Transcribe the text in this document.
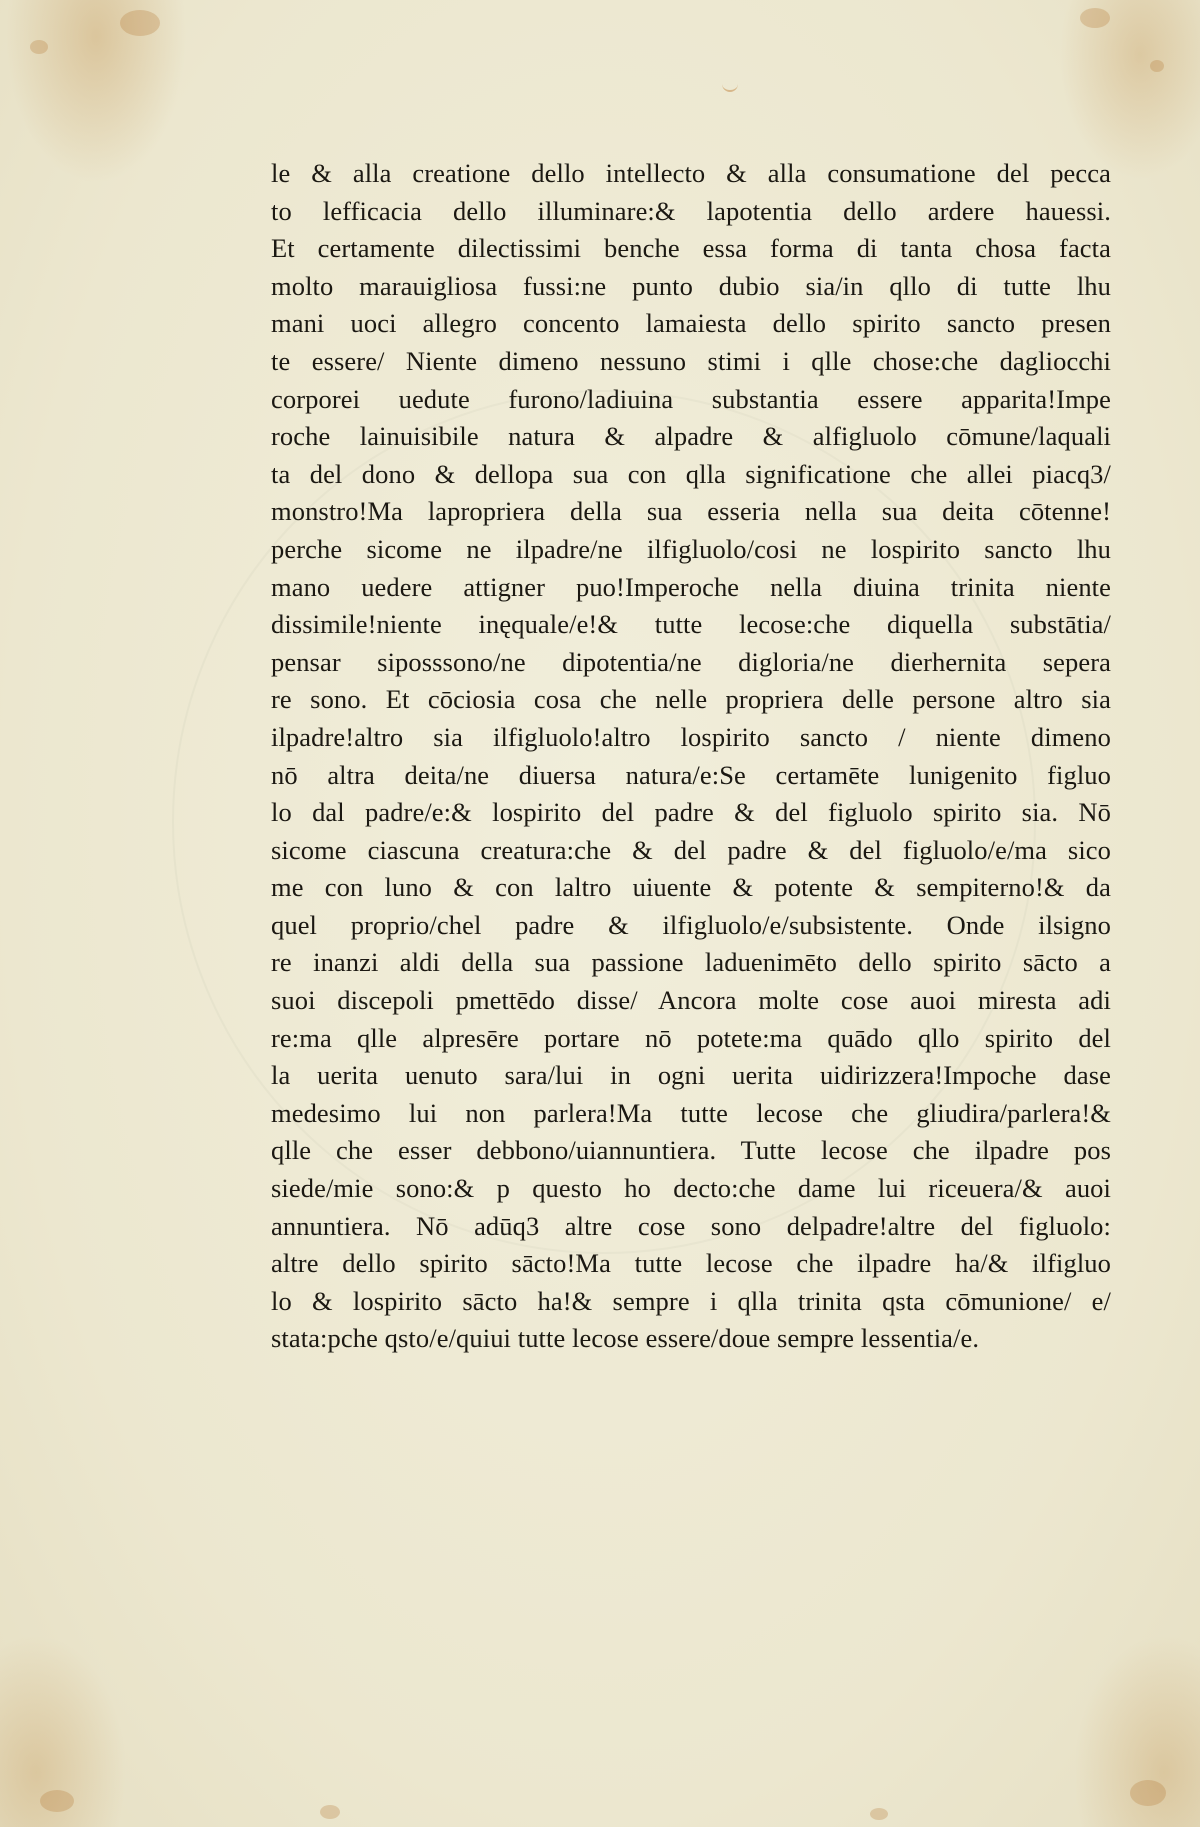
le & alla creatione dello intellecto & alla consumatione del pecca
to lefficacia dello illuminare:& lapotentia dello ardere hauessi.
Et certamente dilectissimi benche essa forma di tanta chosa facta
molto marauigliosa fussi:ne punto dubio sia/in qllo di tutte lhu
mani uoci allegro concento lamaiesta dello spirito sancto presen
te essere/ Niente dimeno nessuno stimi i qlle chose:che dagliocchi
corporei uedute furono/ladiuina substantia essere apparita!Impe
roche lainuisibile natura & alpadre & alfigluolo cōmune/laquali
ta del dono & dellopa sua con qlla significatione che allei piacq3/
monstro!Ma lapropriera della sua esseria nella sua deita cōtenne!
perche sicome ne ilpadre/ne ilfigluolo/cosi ne lospirito sancto lhu
mano uedere attigner puo!Imperoche nella diuina trinita niente
dissimile!niente inęquale/e!& tutte lecose:che diquella substātia/
pensar siposssono/ne dipotentia/ne digloria/ne dierhernita sepera
re sono. Et cōciosia cosa che nelle propriera delle persone altro sia
ilpadre!altro sia ilfigluolo!altro lospirito sancto / niente dimeno
nō altra deita/ne diuersa natura/e:Se certamēte lunigenito figluo
lo dal padre/e:& lospirito del padre & del figluolo spirito sia. Nō
sicome ciascuna creatura:che & del padre & del figluolo/e/ma sico
me con luno & con laltro uiuente & potente & sempiterno!& da
quel proprio/chel padre & ilfigluolo/e/subsistente. Onde ilsigno
re inanzi aldi della sua passione laduenimēto dello spirito sācto a
suoi discepoli pmettēdo disse/ Ancora molte cose auoi miresta adi
re:ma qlle alpresēre portare nō potete:ma quādo qllo spirito del
la uerita uenuto sara/lui in ogni uerita uidirizzera!Impoche dase
medesimo lui non parlera!Ma tutte lecose che gliudira/parlera!&
qlle che esser debbono/uiannuntiera. Tutte lecose che ilpadre pos
siede/mie sono:& p questo ho decto:che dame lui riceuera/& auoi
annuntiera. Nō adūq3 altre cose sono delpadre!altre del figluolo:
altre dello spirito sācto!Ma tutte lecose che ilpadre ha/& ilfigluo
lo & lospirito sācto ha!& sempre i qlla trinita qsta cōmunione/ e/
stata:pche qsto/e/quiui tutte lecose essere/doue sempre lessentia/e.
